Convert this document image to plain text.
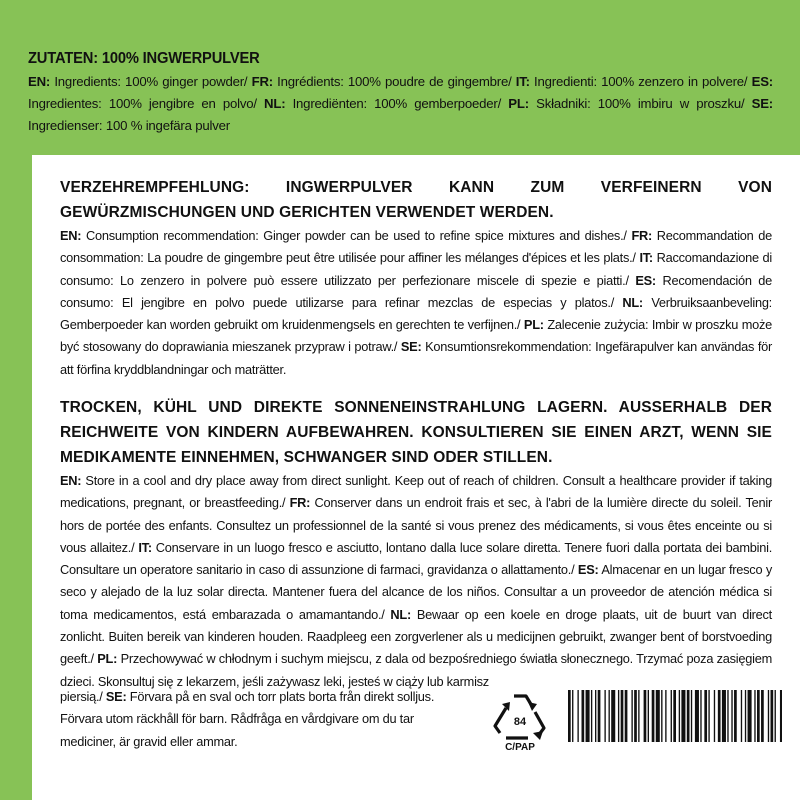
ZUTATEN: 100% INGWERPULVER

EN: Ingredients: 100% ginger powder/ FR: Ingrédients: 100% poudre de gingembre/ IT: Ingredienti: 100% zenzero in polvere/ ES: Ingredientes: 100% jengibre en polvo/ NL: Ingrediënten: 100% gemberpoeder/ PL: Składniki: 100% imbiru w proszku/ SE: Ingredienser: 100 % ingefära pulver

VERZEHREMPFEHLUNG: INGWERPULVER KANN ZUM VERFEINERN VON GEWÜRZMISCHUNGEN UND GERICHTEN VERWENDET WERDEN.

EN: Consumption recommendation: Ginger powder can be used to refine spice mixtures and dishes./ FR: Recommandation de consommation: La poudre de gingembre peut être utilisée pour affiner les mélanges d'épices et les plats./ IT: Raccomandazione di consumo: Lo zenzero in polvere può essere utilizzato per perfezionare miscele di spezie e piatti./ ES: Recomendación de consumo: El jengibre en polvo puede utilizarse para refinar mezclas de especias y platos./ NL: Verbruiksaanbeveling: Gemberpoeder kan worden gebruikt om kruidenmengsels en gerechten te verfijnen./ PL: Zalecenie zużycia: Imbir w proszku może być stosowany do doprawiania mieszanek przypraw i potraw./ SE: Konsumtionsrekommendation: Ingefärapulver kan användas för att förfina kryddblandningar och maträtter.

TROCKEN, KÜHL UND DIREKTE SONNENEINSTRAHLUNG LAGERN. AUSSERHALB DER REICHWEITE VON KINDERN AUFBEWAHREN. KONSULTIEREN SIE EINEN ARZT, WENN SIE MEDIKAMENTE EINNEHMEN, SCHWANGER SIND ODER STILLEN.

EN: Store in a cool and dry place away from direct sunlight. Keep out of reach of children. Consult a healthcare provider if taking medications, pregnant, or breastfeeding./ FR: Conserver dans un endroit frais et sec, à l'abri de la lumière directe du soleil. Tenir hors de portée des enfants. Consultez un professionnel de la santé si vous prenez des médicaments, si vous êtes enceinte ou si vous allaitez./ IT: Conservare in un luogo fresco e asciutto, lontano dalla luce solare diretta. Tenere fuori dalla portata dei bambini. Consultare un operatore sanitario in caso di assunzione di farmaci, gravidanza o allattamento./ ES: Almacenar en un lugar fresco y seco y alejado de la luz solar directa. Mantener fuera del alcance de los niños. Consultar a un proveedor de atención médica si toma medicamentos, está embarazada o amamantando./ NL: Bewaar op een koele en droge plaats, uit de buurt van direct zonlicht. Buiten bereik van kinderen houden. Raadpleeg een zorgverlener als u medicijnen gebruikt, zwanger bent of borstvoeding geeft./ PL: Przechowywać w chłodnym i suchym miejscu, z dala od bezpośredniego światła słonecznego. Trzymać poza zasięgiem dzieci. Skonsultuj się z lekarzem, jeśli zażywasz leki, jesteś w ciąży lub karmisz

piersią./ SE: Förvara på en sval och torr plats borta från direkt solljus. Förvara utom räckhåll för barn. Rådfråga en vårdgivare om du tar mediciner, är gravid eller ammar.

84
C/PAP
